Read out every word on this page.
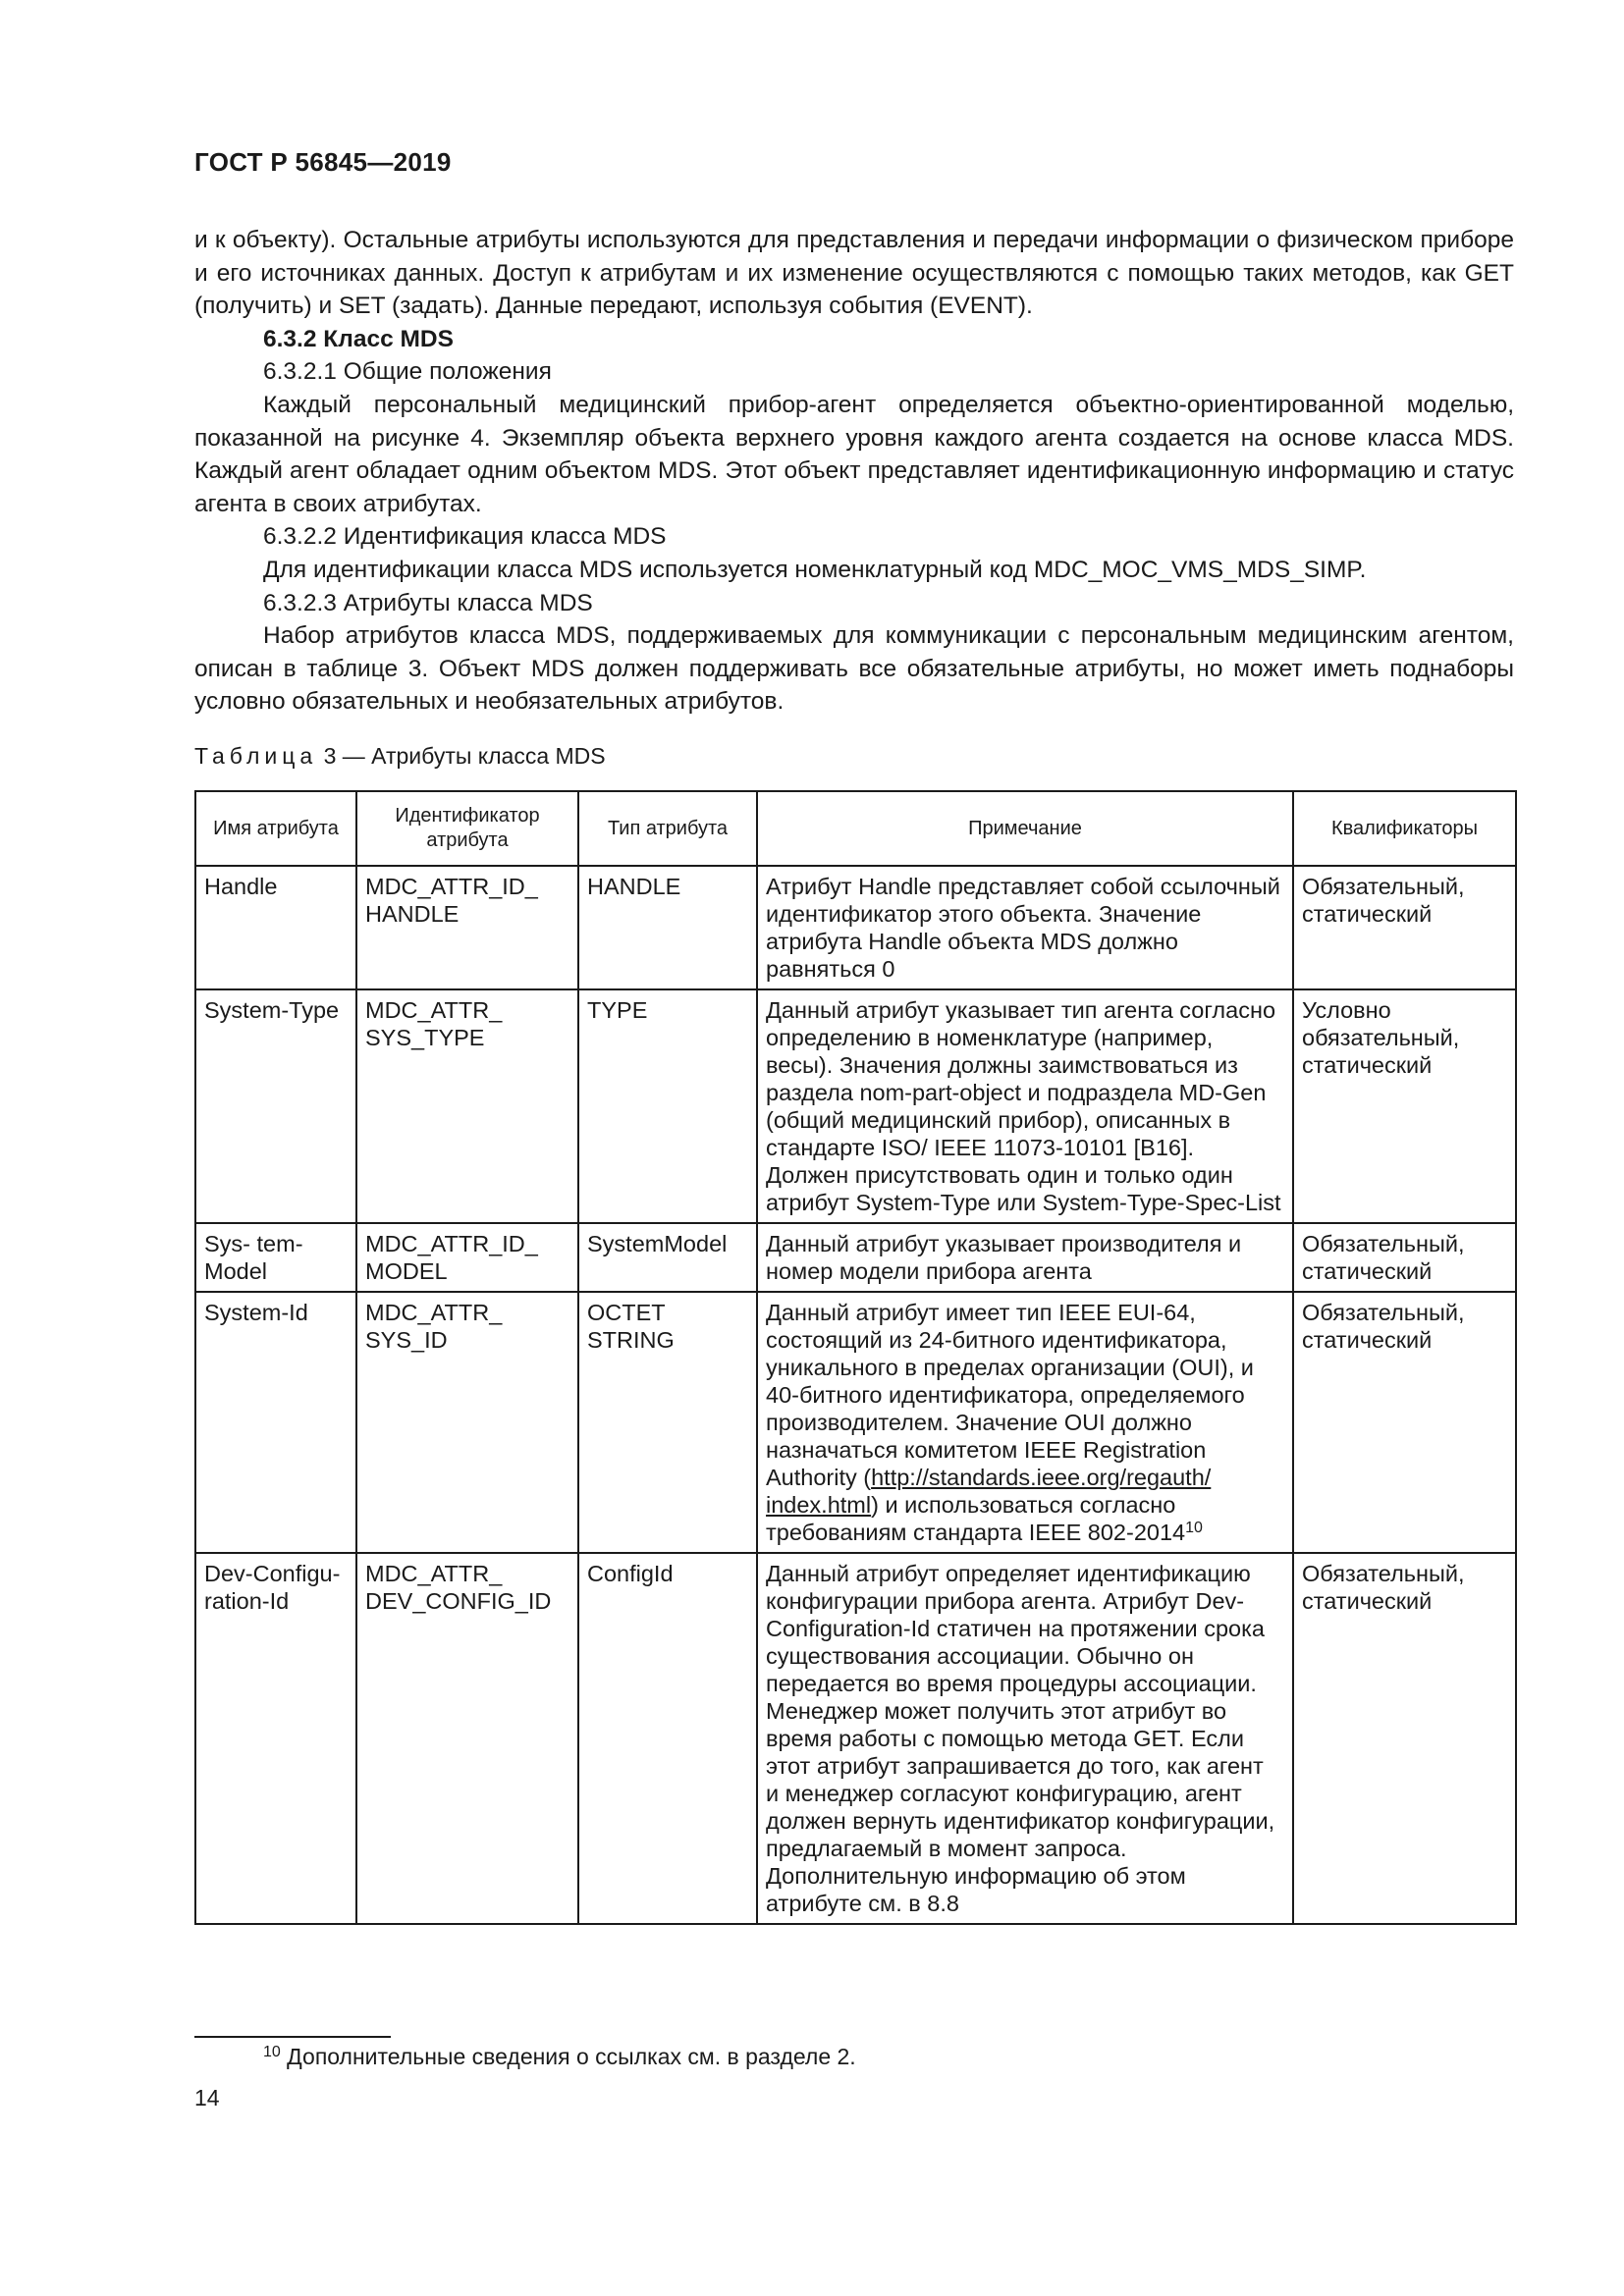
ГОСТ Р 56845—2019

и к объекту). Остальные атрибуты используются для представления и передачи информации о физическом приборе и его источниках данных. Доступ к атрибутам и их изменение осуществляются с помощью таких методов, как GET (получить) и SET (задать). Данные передают, используя события (EVENT).

6.3.2 Класс MDS

6.3.2.1 Общие положения

Каждый персональный медицинский прибор-агент определяется объектно-ориентированной моделью, показанной на рисунке 4. Экземпляр объекта верхнего уровня каждого агента создается на основе класса MDS. Каждый агент обладает одним объектом MDS. Этот объект представляет идентификационную информацию и статус агента в своих атрибутах.

6.3.2.2 Идентификация класса MDS

Для идентификации класса MDS используется номенклатурный код MDC_MOC_VMS_MDS_SIMP.

6.3.2.3 Атрибуты класса MDS

Набор атрибутов класса MDS, поддерживаемых для коммуникации с персональным медицинским агентом, описан в таблице 3. Объект MDS должен поддерживать все обязательные атрибуты, но может иметь поднаборы условно обязательных и необязательных атрибутов.

Таблица 3 — Атрибуты класса MDS
Имя атрибута	Идентификатор атрибута	Тип атрибута	Примечание	Квалификаторы
Handle	MDC_ATTR_ID_ HANDLE	HANDLE	Атрибут Handle представляет собой ссылочный идентификатор этого объекта. Значение атрибута Handle объекта MDS должно равняться 0	Обязательный, статический
System-Type	MDC_ATTR_ SYS_TYPE	TYPE	Данный атрибут указывает тип агента согласно определению в номенклатуре (например, весы). Значения должны заимствоваться из раздела nom-part-object и подраздела MD-Gen (общий медицинский прибор), описанных в стандарте ISO/ IEEE 11073-10101 [B16]. Должен присутствовать один и только один атрибут System-Type или System-Type-Spec-List	Условно обязательный, статический
Sys- tem-Model	MDC_ATTR_ID_ MODEL	SystemModel	Данный атрибут указывает производителя и номер модели прибора агента	Обязательный, статический
System-Id	MDC_ATTR_ SYS_ID	OCTET STRING	Данный атрибут имеет тип IEEE EUI-64, состоящий из 24-битного идентификатора, уникального в пределах организации (OUI), и 40-битного идентификатора, определяемого производителем. Значение OUI должно назначаться комитетом IEEE Registration Authority (http://standards.ieee.org/regauth/ index.html) и использоваться согласно требованиям стандарта IEEE 802-2014$^{10}$	Обязательный, статический
Dev-Configu- ration-Id	MDC_ATTR_ DEV_CONFIG_ID	ConfigId	Данный атрибут определяет идентификацию конфигурации прибора агента. Атрибут Dev-Configuration-Id статичен на протяжении срока существования ассоциации. Обычно он передается во время процедуры ассоциации. Менеджер может получить этот атрибут во время работы с помощью метода GET. Если этот атрибут запрашивается до того, как агент и менеджер согласуют конфигурацию, агент должен вернуть идентификатор конфигурации, предлагаемый в момент запроса. Дополнительную информацию об этом атрибуте см. в 8.8	Обязательный, статический
$^{10}$ Дополнительные сведения о ссылках см. в разделе 2.
14
